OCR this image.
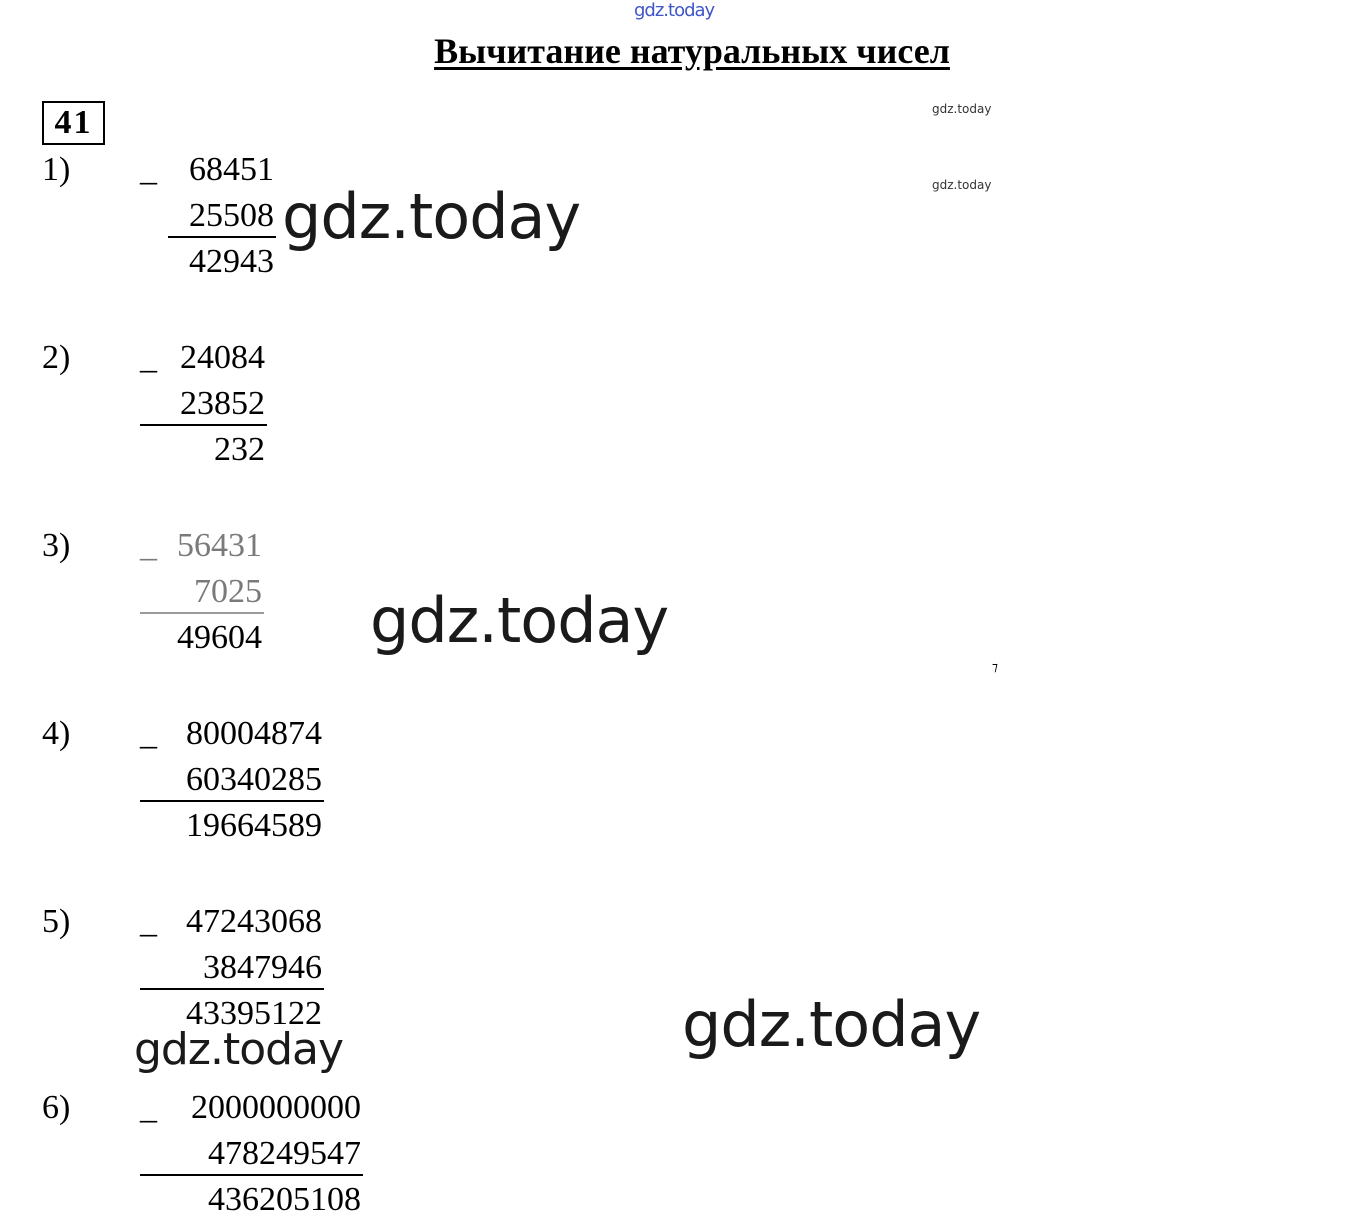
gdz.today
gdz.today
gdz.today
Вычитание натуральных чисел
41
1) _ 68451
25508
42943
2) _ 24084
23852
232
3) _ 56431
7025
49604
4) _ 80004874
60340285
19664589
5) _ 47243068
3847946
43395122
6) _	2000000000
478249547
436205108
gdz.today
gdz.today
gdz.today
gdz.today
⁊
